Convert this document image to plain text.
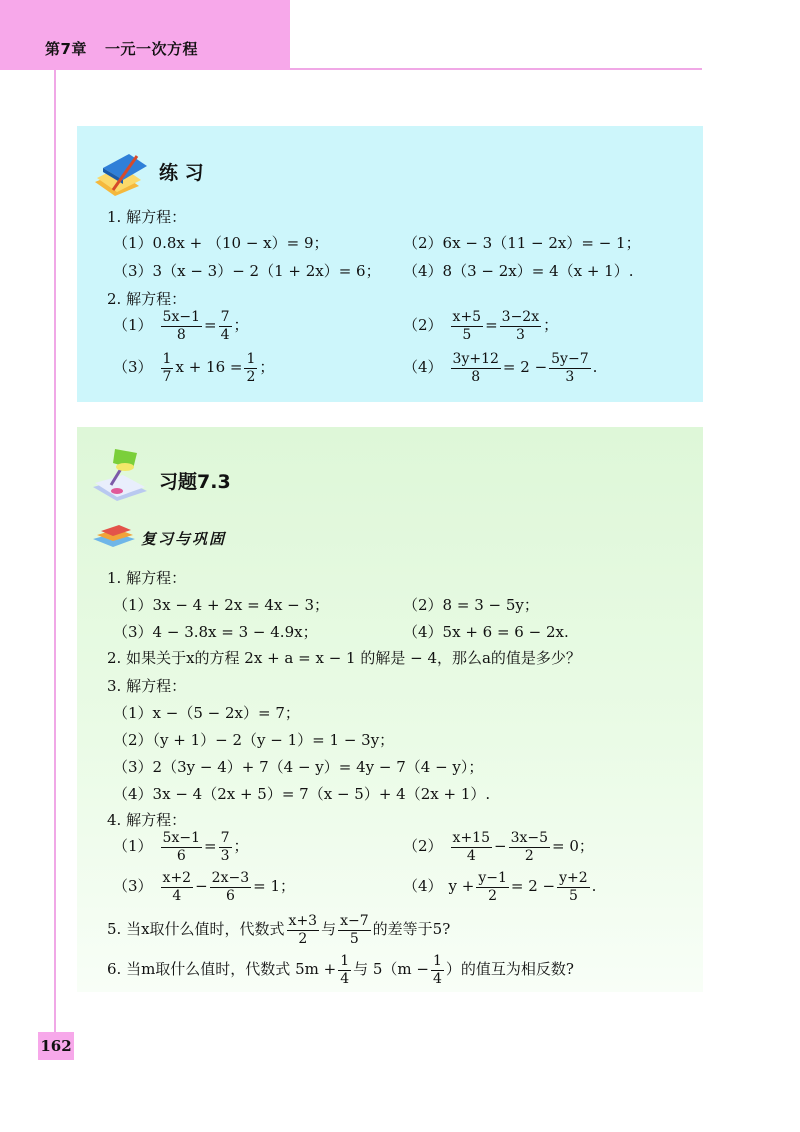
第7章 一元一次方程
162
练 习
1. 解方程：
（1）0.8x + （10 − x）= 9；	（2）6x − 3（11 − 2x）= − 1；
（3）3（x − 3）− 2（1 + 2x）= 6； （4）8（3 − 2x）= 4（x + 1）.
2. 解方程：
$(1) \frac{5x-1}{8} = \frac{7}{4}$ ；	$(2) \frac{x+5}{5} = \frac{3-2x}{3}$ ；
$(3) \frac{1}{7}$ $x + 16 = \frac{1}{2}$ ；	$(4) \frac{3y+12}{8} = 2 - \frac{5y-7}{3}$ .
习题7.3
复习与巩固
1. 解方程：
（1）3x − 4 + 2x = 4x − 3；	（2）8 = 3 − 5y；
（3）4 − 3.8x = 3 − 4.9x；	（4）5x + 6 = 6 − 2x.
2. 如果关于x的方程 2x + a = x − 1 的解是 − 4，那么a的值是多少？
3. 解方程：
（1）x −（5 − 2x）= 7；
（2）（y + 1）− 2（y − 1）= 1 − 3y；
（3）2（3y − 4）+ 7（4 − y）= 4y − 7（4 − y）；
（4）3x − 4（2x + 5）= 7（x − 5）+ 4（2x + 1）.
4. 解方程：
$(1) \frac{5x-1}{6} = \frac{7}{3}$ ；	$(2) \frac{x+15}{4} - \frac{3x-5}{2} = 0$；
$(3) \frac{x+2}{4} - \frac{2x-3}{6} = 1$；	（4） $y + \frac{y-1}{2} = 2 - \frac{y+2}{5}$ .
5. 当x取什么值时，代数式 $\frac{x+3}{2}$ 与 $\frac{x-7}{5}$ 的差等于5?
6. 当m取什么值时，代数式 $5m + \frac{1}{4}$ 与 $5(m - \frac{1}{4}$ ）的值互为相反数?
